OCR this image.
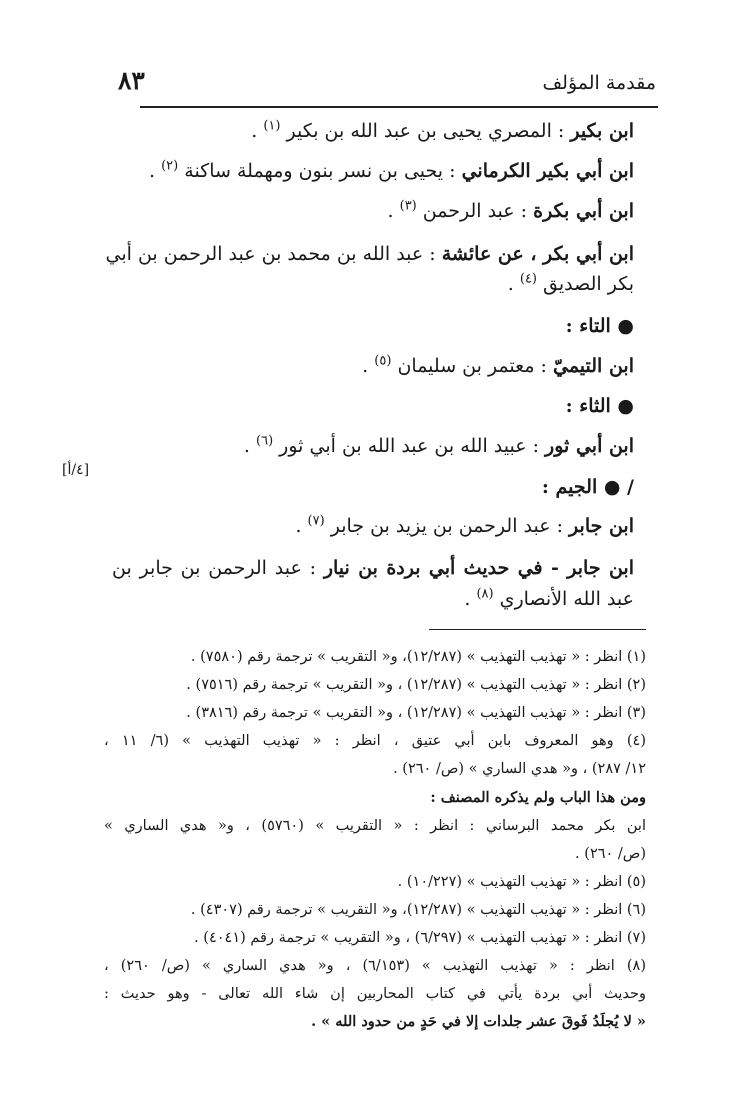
مقدمة المؤلف
٨٣
[٤/أ]
ابن بكير : المصري يحيى بن عبد الله بن بكير $^{(١)}$ .
ابن أبي بكير الكرماني : يحيى بن نسر بنون ومهملة ساكنة $^{(٢)}$ .
ابن أبي بكرة : عبد الرحمن $^{(٣)}$ .
ابن أبي بكر ، عن عائشة : عبد الله بن محمد بن عبد الرحمن بن أبي
بكر الصديق $^{(٤)}$ .
● التاء :
ابن التيميّ : معتمر بن سليمان $^{(٥)}$ .
● الثاء :
ابن أبي ثور : عبيد الله بن عبد الله بن أبي ثور $^{(٦)}$ .
/ ● الجيم :
ابن جابر : عبد الرحمن بن يزيد بن جابر $^{(٧)}$ .
ابن جابر - في حديث أبي بردة بن نيار : عبد الرحمن بن جابر بن
عبد الله الأنصاري $^{(٨)}$ .
(١) انظر : « تهذيب التهذيب » (١٢/٢٨٧)، و« التقريب » ترجمة رقم (٧٥٨٠) .
(٢) انظر : « تهذيب التهذيب » (١٢/٢٨٧) ، و« التقريب » ترجمة رقم (٧٥١٦) .
(٣) انظر : « تهذيب التهذيب » (١٢/٢٨٧) ، و« التقريب » ترجمة رقم (٣٨١٦) .
(٤) وهو المعروف بابن أبي عتيق ، انظر : « تهذيب التهذيب » (٦/ ١١ ،
١٢/ ٢٨٧) ، و« هدي الساري » (ص/ ٢٦٠) .
ومن هذا الباب ولم يذكره المصنف :
ابن بكر محمد البرساني : انظر : « التقريب » (٥٧٦٠) ، و« هدي الساري »
(ص/ ٢٦٠) .
(٥) انظر : « تهذيب التهذيب » (١٠/٢٢٧) .
(٦) انظر : « تهذيب التهذيب » (١٢/٢٨٧)، و« التقريب » ترجمة رقم (٤٣٠٧) .
(٧) انظر : « تهذيب التهذيب » (٦/٢٩٧) ، و« التقريب » ترجمة رقم (٤٠٤١) .
(٨) انظر : « تهذيب التهذيب » (٦/١٥٣) ، و« هدي الساري » (ص/ ٢٦٠) ،
وحديث أبي بردة يأتي في كتاب المحاربين إن شاء الله تعالى - وهو حديث :
« لا يُجلَدُ فَوقَ عشر جلدات إلا في حَدٍ من حدود الله » .
